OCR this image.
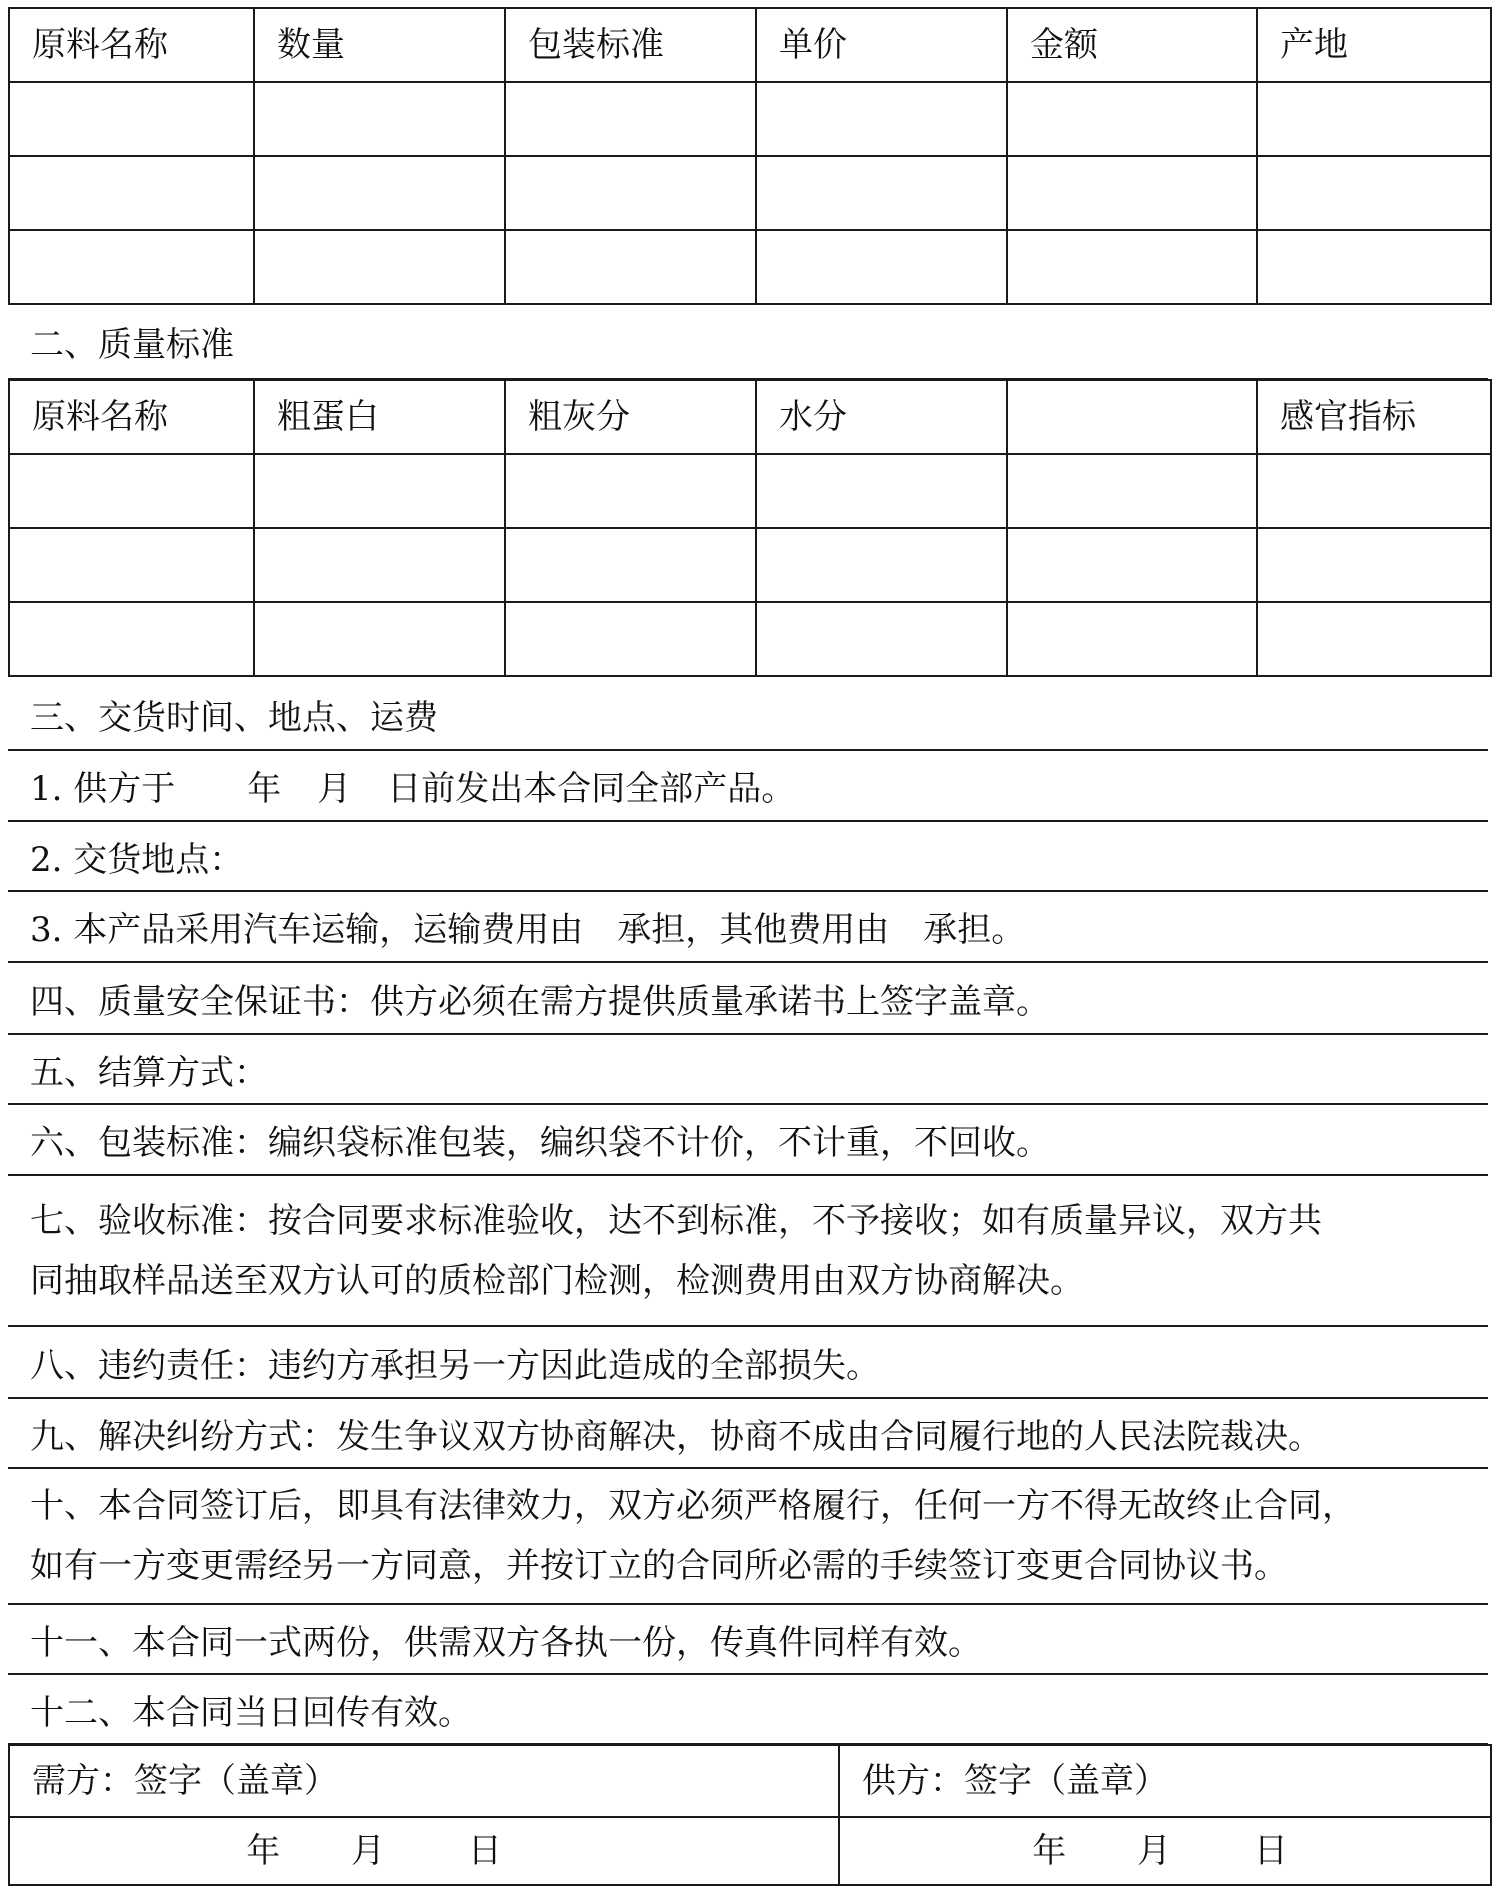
原料名称	数量	包装标准	单价	金额	产地

二、质量标准
原料名称	粗蛋白	粗灰分	水分		感官指标

三、交货时间、地点、运费
1. 供方于 年 月 日前发出本合同全部产品。
2. 交货地点：
3. 本产品采用汽车运输，运输费用由 承担，其他费用由 承担。
四、质量安全保证书：供方必须在需方提供质量承诺书上签字盖章。
五、结算方式：
六、包装标准：编织袋标准包装，编织袋不计价，不计重，不回收。
七、验收标准：按合同要求标准验收，达不到标准，不予接收；如有质量异议，双方共
同抽取样品送至双方认可的质检部门检测，检测费用由双方协商解决。
八、违约责任：违约方承担另一方因此造成的全部损失。
九、解决纠纷方式：发生争议双方协商解决，协商不成由合同履行地的人民法院裁决。
十、本合同签订后，即具有法律效力，双方必须严格履行，任何一方不得无故终止合同，
如有一方变更需经另一方同意，并按订立的合同所必需的手续签订变更合同协议书。
十一、本合同一式两份，供需双方各执一份，传真件同样有效。
十二、本合同当日回传有效。
需方：签字（盖章）	供方：签字（盖章）
年 月 日	年 月 日
